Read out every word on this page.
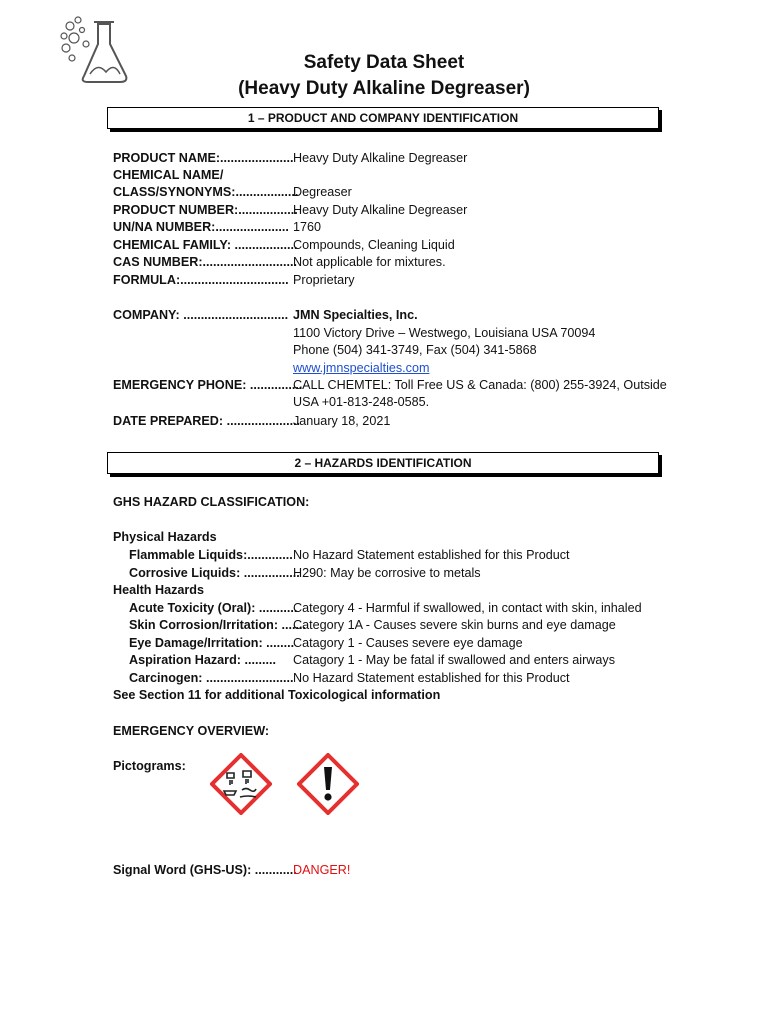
Safety Data Sheet
(Heavy Duty Alkaline Degreaser)
1 – PRODUCT AND COMPANY IDENTIFICATION
PRODUCT NAME:..................... Heavy Duty Alkaline Degreaser
CHEMICAL NAME/
CLASS/SYNONYMS:..................
Degreaser
PRODUCT NUMBER:.................
Heavy Duty Alkaline Degreaser
UN/NA NUMBER:..................... 1760
CHEMICAL FAMILY: ..................
Compounds, Cleaning Liquid
CAS NUMBER:...........................
Not applicable for mixtures.
FORMULA:............................... Proprietary
COMPANY: .............................. JMN Specialties, Inc.
1100 Victory Drive – Westwego, Louisiana USA 70094
Phone (504) 341-3749, Fax (504) 341-5868
www.jmnspecialties.com
EMERGENCY PHONE: ...............
CALL CHEMTEL: Toll Free US & Canada: (800) 255-3924, Outside
USA +01-813-248-0585.
DATE PREPARED: .....................
January 18, 2021
2 – HAZARDS IDENTIFICATION
GHS HAZARD CLASSIFICATION:
Physical Hazards
Flammable Liquids:............. No Hazard Statement established for this Product
Corrosive Liquids: ................
H290: May be corrosive to metals
Health Hazards
Acute Toxicity (Oral): ...........
Category 4 - Harmful if swallowed, in contact with skin, inhaled
Skin Corrosion/Irritation: .......
Category 1A - Causes severe skin burns and eye damage
Eye Damage/Irritation: ........
Catagory 1 - Causes severe eye damage
Aspiration Hazard: ......... Catagory 1 - May be fatal if swallowed and enters airways
Carcinogen: ......................... No Hazard Statement established for this Product
See Section 11 for additional Toxicological information
EMERGENCY OVERVIEW:
Pictograms:
Signal Word (GHS-US): ............
DANGER!
